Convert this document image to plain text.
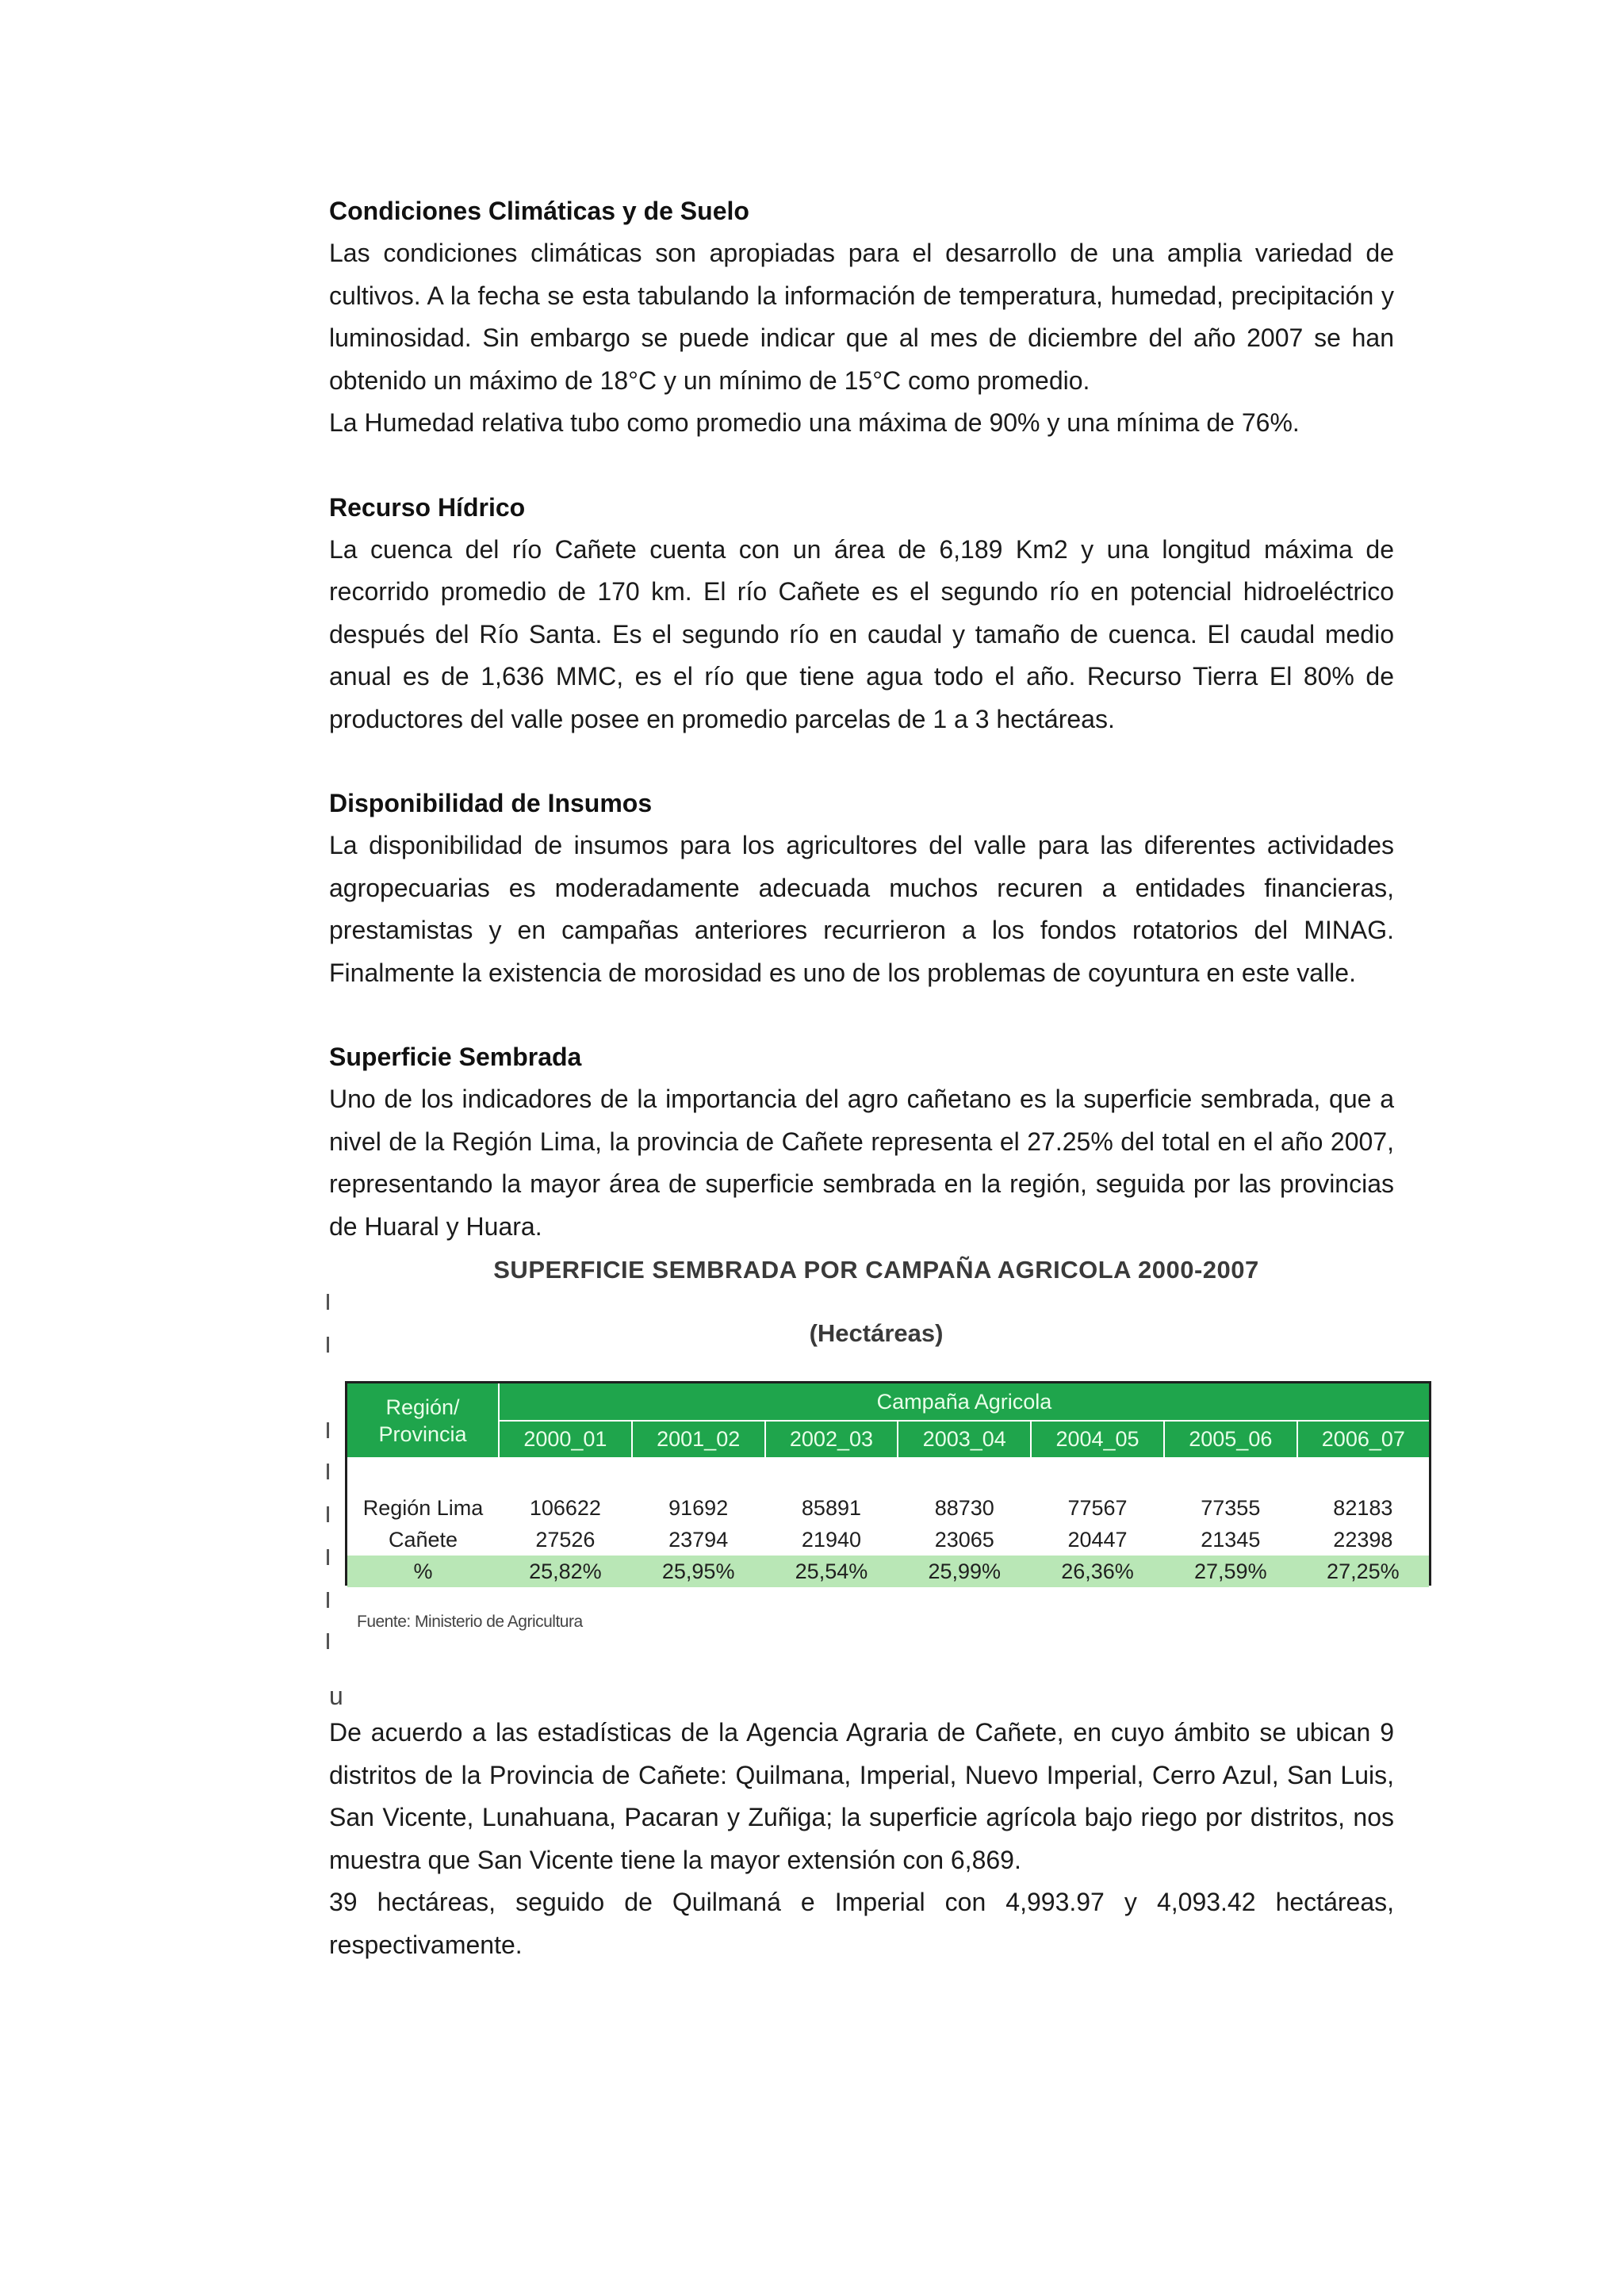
Condiciones Climáticas y de Suelo

Las condiciones climáticas son apropiadas para el desarrollo de una amplia variedad de cultivos. A la fecha se esta tabulando la información de temperatura, humedad, precipitación y luminosidad. Sin embargo se puede indicar que al mes de diciembre del año 2007 se han obtenido un máximo de 18°C y un mínimo de 15°C como promedio.

La Humedad relativa tubo como promedio una máxima de 90% y una mínima de 76%.

Recurso Hídrico

La cuenca del río Cañete cuenta con un área de 6,189 Km2 y una longitud máxima de recorrido promedio de 170 km. El río Cañete es el segundo río en potencial hidroeléctrico después del Río Santa. Es el segundo río en caudal y tamaño de cuenca. El caudal medio anual es de 1,636 MMC, es el río que tiene agua todo el año. Recurso Tierra El 80% de productores del valle posee en promedio parcelas de 1 a 3 hectáreas.

Disponibilidad de Insumos

La disponibilidad de insumos para los agricultores del valle para las diferentes actividades agropecuarias es moderadamente adecuada muchos recuren a entidades financieras, prestamistas y en campañas anteriores recurrieron a los fondos rotatorios del MINAG. Finalmente la existencia de morosidad es uno de los problemas de coyuntura en este valle.

Superficie Sembrada

Uno de los indicadores de la importancia del agro cañetano es la superficie sembrada, que a nivel de la Región Lima, la provincia de Cañete representa el 27.25% del total en el año 2007, representando la mayor área de superficie sembrada en la región, seguida por las provincias de Huaral y Huara.

SUPERFICIE SEMBRADA POR CAMPAÑA AGRICOLA 2000-2007
(Hectáreas)
Región/
Provincia	Campaña Agricola						
	2000_01	2001_02	2002_03	2003_04	2004_05	2005_06	2006_07

Región Lima	106622	91692	85891	88730	77567	77355	82183
Cañete	27526	23794	21940	23065	20447	21345	22398
%	25,82%	25,95%	25,54%	25,99%	26,36%	27,59%	27,25%
Fuente: Ministerio de Agricultura

u

De acuerdo a las estadísticas de la Agencia Agraria de Cañete, en cuyo ámbito se ubican 9 distritos de la Provincia de Cañete: Quilmana, Imperial, Nuevo Imperial, Cerro Azul, San Luis, San Vicente, Lunahuana, Pacaran y Zuñiga; la superficie agrícola bajo riego por distritos, nos muestra que San Vicente tiene la mayor extensión con 6,869.

39 hectáreas, seguido de Quilmaná e Imperial con 4,993.97 y 4,093.42 hectáreas, respectivamente.
